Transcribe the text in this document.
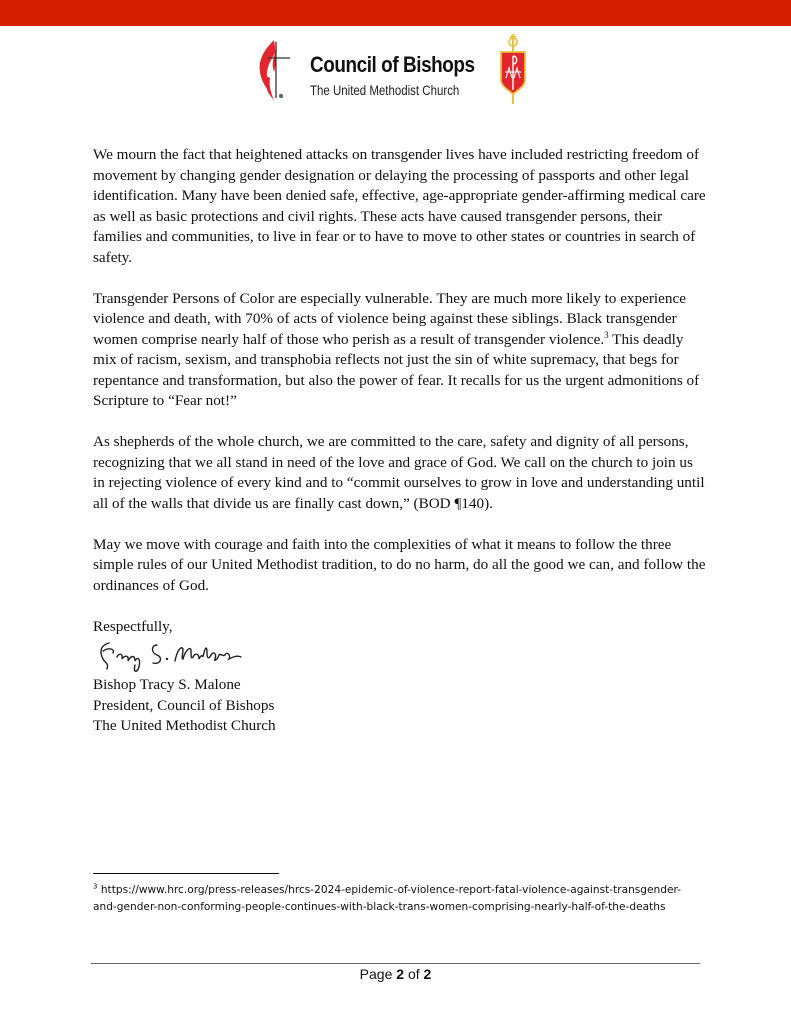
Council of Bishops
The United Methodist Church

We mourn the fact that heightened attacks on transgender lives have included restricting freedom of movement by changing gender designation or delaying the processing of passports and other legal identification. Many have been denied safe, effective, age-appropriate gender-affirming medical care as well as basic protections and civil rights. These acts have caused transgender persons, their families and communities, to live in fear or to have to move to other states or countries in search of safety.

Transgender Persons of Color are especially vulnerable. They are much more likely to experience violence and death, with 70% of acts of violence being against these siblings. Black transgender women comprise nearly half of those who perish as a result of transgender violence.$^3$ This deadly mix of racism, sexism, and transphobia reflects not just the sin of white supremacy, that begs for repentance and transformation, but also the power of fear. It recalls for us the urgent admonitions of Scripture to “Fear not!”

As shepherds of the whole church, we are committed to the care, safety and dignity of all persons, recognizing that we all stand in need of the love and grace of God. We call on the church to join us in rejecting violence of every kind and to “commit ourselves to grow in love and understanding until all of the walls that divide us are finally cast down,” (BOD ¶140).

May we move with courage and faith into the complexities of what it means to follow the three simple rules of our United Methodist tradition, to do no harm, do all the good we can, and follow the ordinances of God.

Respectfully,
Bishop Tracy S. Malone
President, Council of Bishops
The United Methodist Church
$^3$ https://www.hrc.org/press-releases/hrcs-2024-epidemic-of-violence-report-fatal-violence-against-transgender-and-gender-non-conforming-people-continues-with-black-trans-women-comprising-nearly-half-of-the-deaths
Page 2 of 2
